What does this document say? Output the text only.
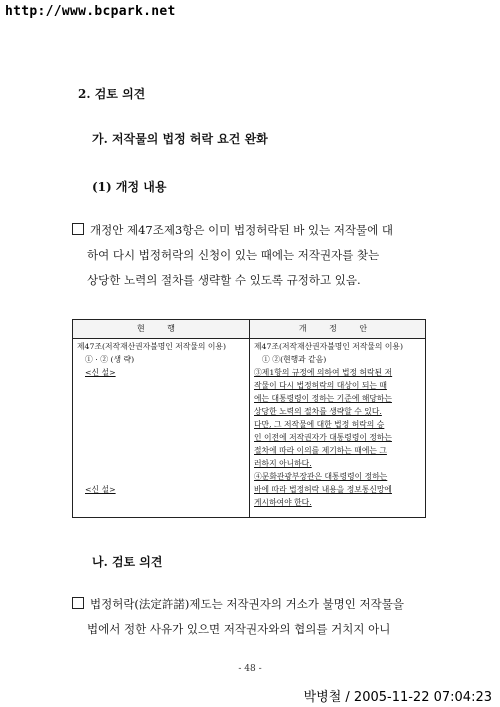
http://www.bcpark.net
2. 검토 의견
가. 저작물의 법정 허락 요건 완화
(1) 개정 내용
개정안 제47조제3항은 이미 법정허락된 바 있는 저작물에 대
하여 다시 법정허락의 신청이 있는 때에는 저작권자를 찾는
상당한 노력의 절차를 생략할 수 있도록 규정하고 있음.
현 행	개 정 안
제47조(저작재산권자불명인 저작물의 이용)
① · ② (생 략)
<신 설>
<신 설>
제47조(저작재산권자불명인 저작물의 이용)
① ②(현행과 같음)
③제1항의 규정에 의하여 법정 허락된 저
작물이 다시 법정허락의 대상이 되는 때
에는 대통령령이 정하는 기준에 해당하는
상당한 노력의 절차를 생략할 수 있다.
다만, 그 저작물에 대한 법정 허락의 승
인 이전에 저작권자가 대통령령이 정하는
절차에 따라 이의를 제기하는 때에는 그
러하지 아니하다.
④문화관광부장관은 대통령령이 정하는
바에 따라 법정허락 내용을 정보통신망에
게시하여야 한다.
나. 검토 의견
법정허락(法定許諾)제도는 저작권자의 거소가 불명인 저작물을
법에서 정한 사유가 있으면 저작권자와의 협의를 거치지 아니
- 48 -
박병철 / 2005-11-22 07:04:23
